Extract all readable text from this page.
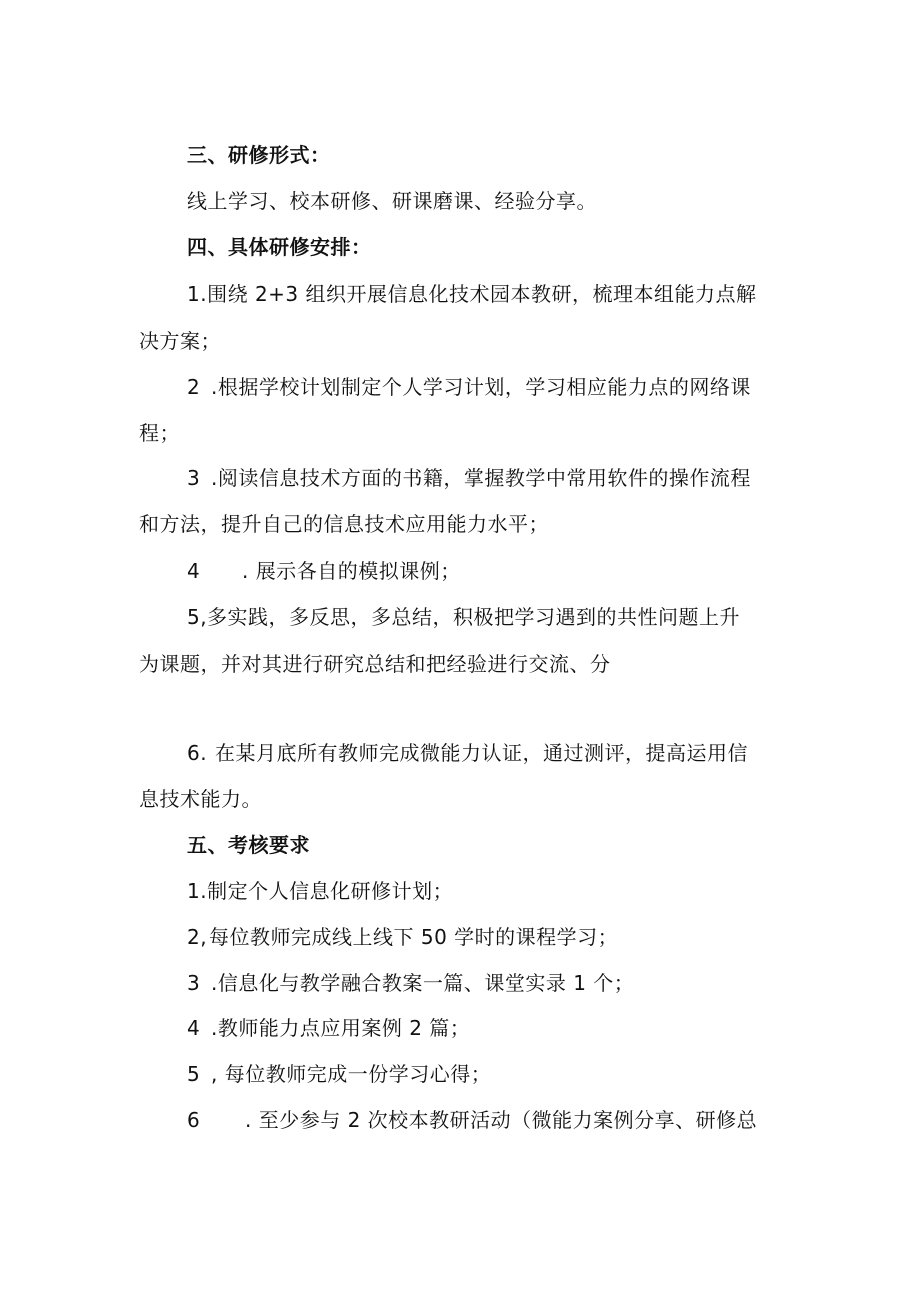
三、研修形式：
线上学习、校本研修、研课磨课、经验分享。
四、具体研修安排：
1.围绕 2+3 组织开展信息化技术园本教研，梳理本组能力点解
决方案；
2 .根据学校计划制定个人学习计划，学习相应能力点的网络课
程；
3 .阅读信息技术方面的书籍，掌握教学中常用软件的操作流程
和方法，提升自己的信息技术应用能力水平；
4 . 展示各自的模拟课例；
5,多实践，多反思，多总结，积极把学习遇到的共性问题上升
为课题，并对其进行研究总结和把经验进行交流、分
6. 在某月底所有教师完成微能力认证，通过测评，提高运用信
息技术能力。
五、考核要求
1.制定个人信息化研修计划；
2,每位教师完成线上线下 50 学时的课程学习；
3 .信息化与教学融合教案一篇、课堂实录 1 个；
4 .教师能力点应用案例 2 篇；
5 , 每位教师完成一份学习心得；
6 . 至少参与 2 次校本教研活动（微能力案例分享、研修总
